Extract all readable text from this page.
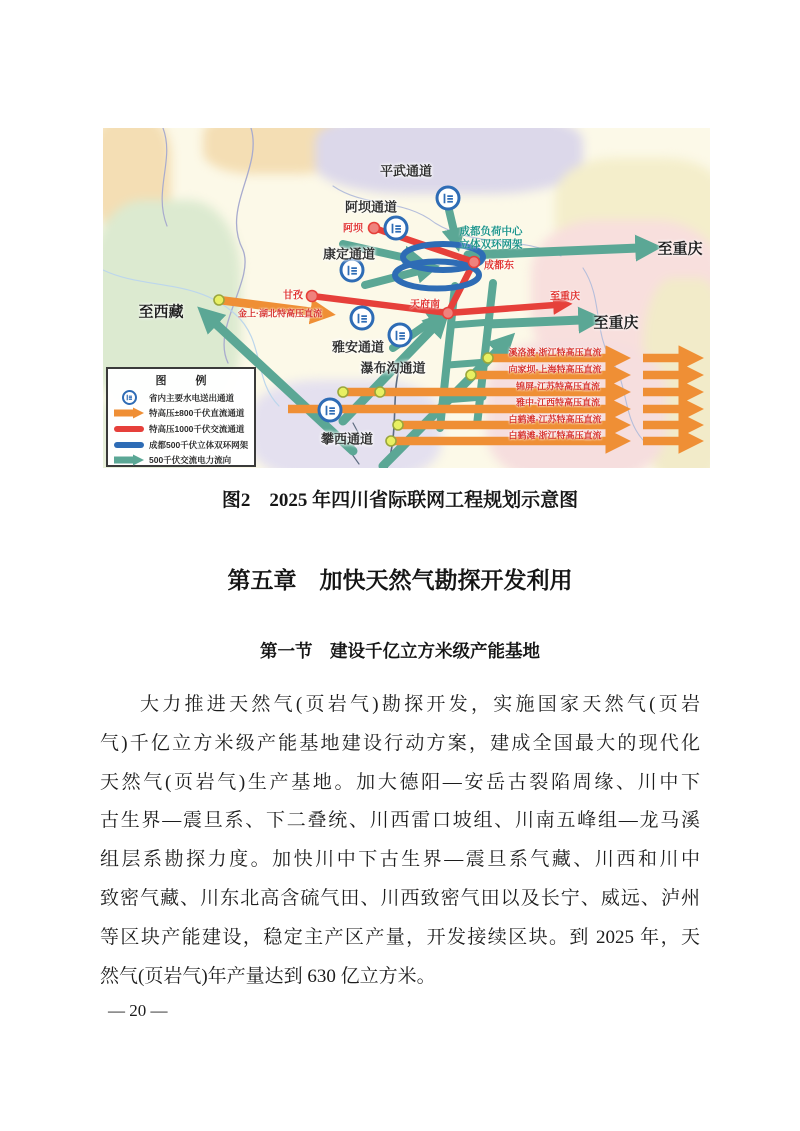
平武通道
阿坝通道
康定通道
雅安通道
瀑布沟通道
攀西通道
至西藏
至重庆
至重庆
至重庆
阿坝
甘孜
成都东
天府南
成都负荷中心
立体双环网架
金上·湖北特高压直流
溪洛渡-浙江特高压直流
向家坝-上海特高压直流
锦屏-江苏特高压直流
雅中-江西特高压直流
白鹤滩-江苏特高压直流
白鹤滩-浙江特高压直流
图　例
省内主要水电送出通道
特高压±800千伏直流通道
特高压1000千伏交流通道
成都500千伏立体双环网架
500千伏交流电力流向
图2　2025 年四川省际联网工程规划示意图
第五章　加快天然气勘探开发利用
第一节　建设千亿立方米级产能基地
大力推进天然气(页岩气)勘探开发，实施国家天然气(页岩
气)千亿立方米级产能基地建设行动方案，建成全国最大的现代化
天然气(页岩气)生产基地。加大德阳—安岳古裂陷周缘、川中下
古生界—震旦系、下二叠统、川西雷口坡组、川南五峰组—龙马溪
组层系勘探力度。加快川中下古生界—震旦系气藏、川西和川中
致密气藏、川东北高含硫气田、川西致密气田以及长宁、威远、泸州
等区块产能建设，稳定主产区产量，开发接续区块。到 2025 年，天
然气(页岩气)年产量达到 630 亿立方米。
— 20 —
